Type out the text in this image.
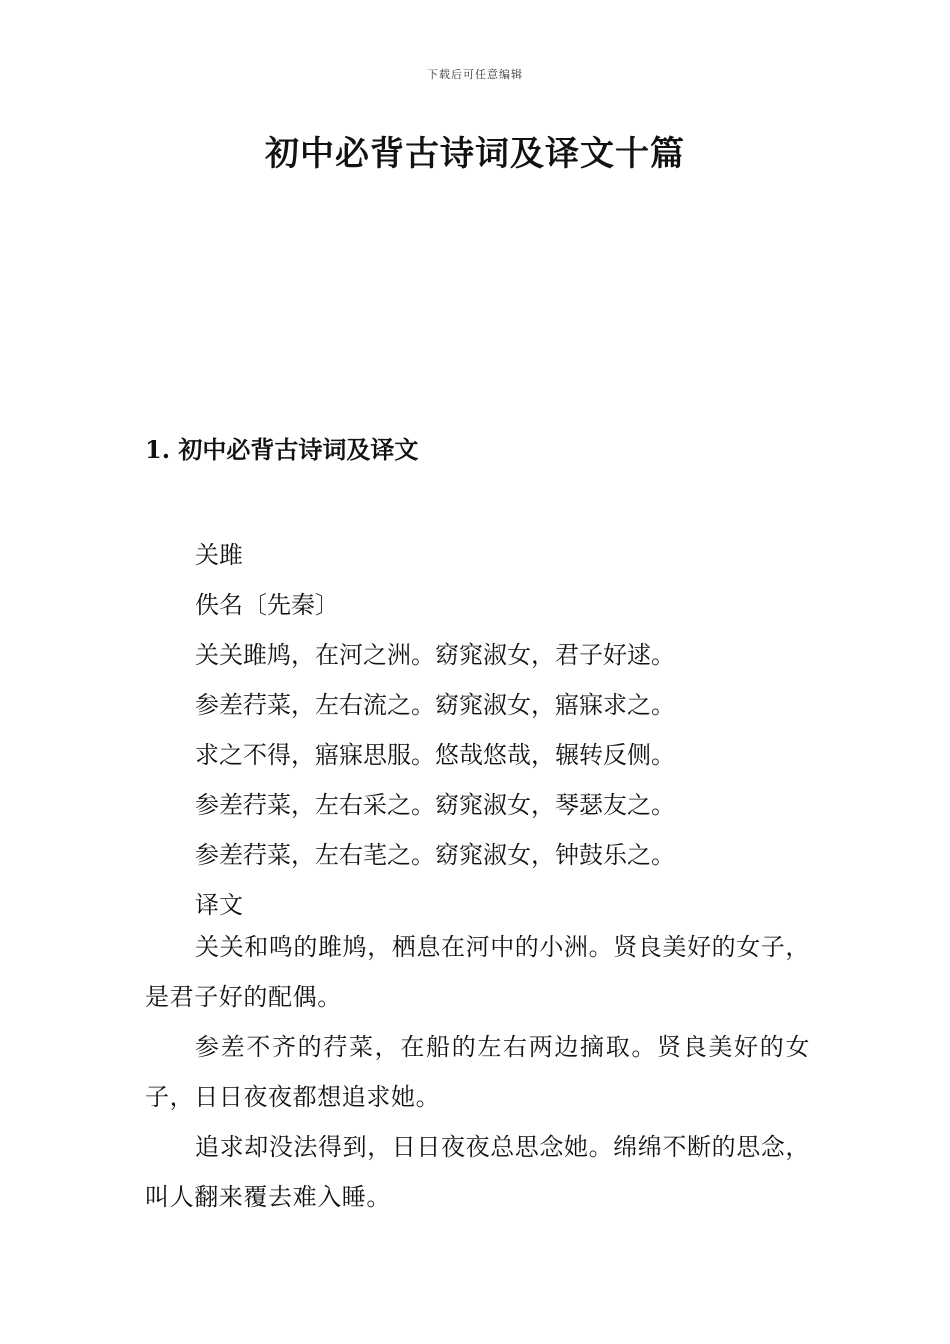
下载后可任意编辑
初中必背古诗词及译文十篇
1. 初中必背古诗词及译文
关雎
佚名〔先秦〕
关关雎鸠，在河之洲。窈窕淑女，君子好逑。
参差荇菜，左右流之。窈窕淑女，寤寐求之。
求之不得，寤寐思服。悠哉悠哉，辗转反侧。
参差荇菜，左右采之。窈窕淑女，琴瑟友之。
参差荇菜，左右芼之。窈窕淑女，钟鼓乐之。
译文

关关和鸣的雎鸠，栖息在河中的小洲。贤良美好的女子，是君子好的配偶。

参差不齐的荇菜，在船的左右两边摘取。贤良美好的女子，日日夜夜都想追求她。

追求却没法得到，日日夜夜总思念她。绵绵不断的思念，叫人翻来覆去难入睡。
